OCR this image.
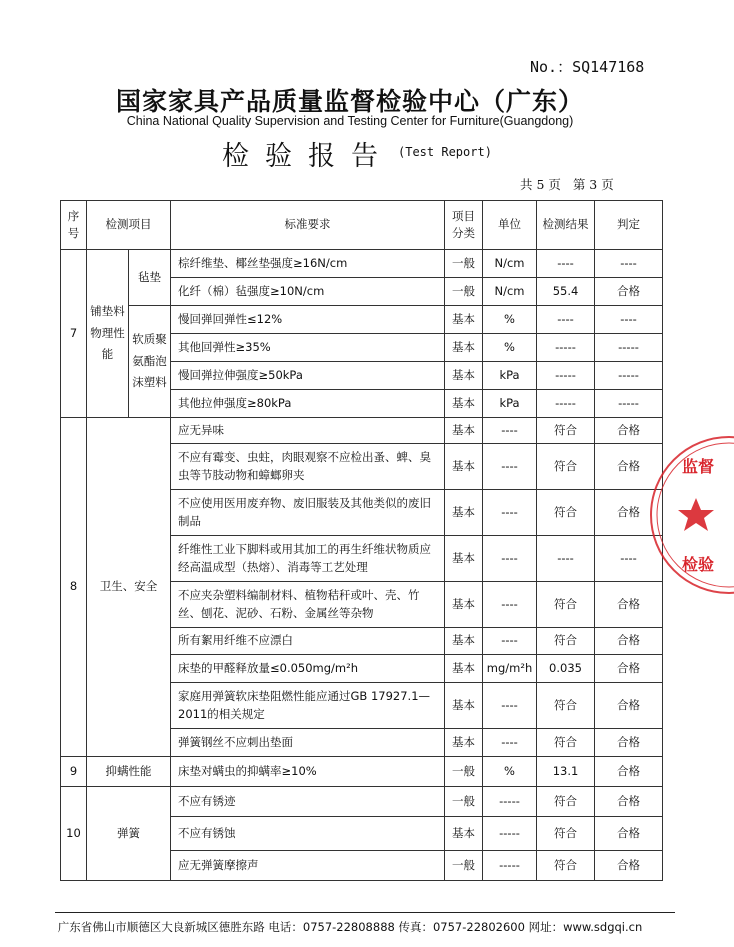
No.：SQ147168
国家家具产品质量监督检验中心（广东）
China National Quality Supervision and Testing Center for Furniture(Guangdong)
检验报告 (Test Report)
共 5 页 第 3 页
序号	检测项目		标准要求	项目分类	单位	检测结果	判定
7	铺垫料物理性能	毡垫	棕纤维垫、椰丝垫强度≥16N/cm	一般	N/cm	----	----
			化纤（棉）毡强度≥10N/cm	一般	N/cm	55.4	合格
		软质聚氨酯泡沫塑料	慢回弹回弹性≤12%	基本	%	----	----
			其他回弹性≥35%	基本	%	-----	-----
			慢回弹拉伸强度≥50kPa	基本	kPa	-----	-----
			其他拉伸强度≥80kPa	基本	kPa	-----	-----
8	卫生、安全		应无异味	基本	----	符合	合格
			不应有霉变、虫蛀，肉眼观察不应检出蚤、蜱、臭虫等节肢动物和蟑螂卵夹	基本	----	符合	合格
			不应使用医用废弃物、废旧服装及其他类似的废旧制品	基本	----	符合	合格
			纤维性工业下脚料或用其加工的再生纤维状物质应经高温成型（热熔）、消毒等工艺处理	基本	----	----	----
			不应夹杂塑料编制材料、植物秸秆或叶、壳、竹丝、刨花、泥砂、石粉、金属丝等杂物	基本	----	符合	合格
			所有絮用纤维不应漂白	基本	----	符合	合格
			床垫的甲醛释放量≤0.050mg/m²h	基本	mg/m²h	0.035	合格
			家庭用弹簧软床垫阻燃性能应通过GB 17927.1—2011的相关规定	基本	----	符合	合格
			弹簧钢丝不应刺出垫面	基本	----	符合	合格
9	抑螨性能		床垫对螨虫的抑螨率≥10%	一般	%	13.1	合格
10	弹簧		不应有锈迹	一般	-----	符合	合格
			不应有锈蚀	基本	-----	符合	合格
			应无弹簧摩擦声	一般	-----	符合	合格
监督
检验
广东省佛山市顺德区大良新城区德胜东路 电话：0757-22808888 传真：0757-22802600 网址：www.sdgqi.cn
